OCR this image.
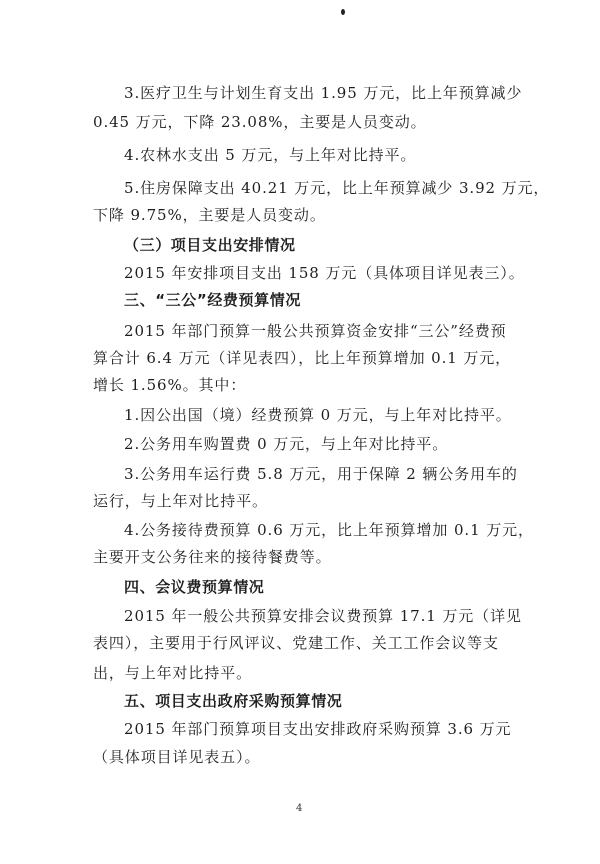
3.医疗卫生与计划生育支出 1.95 万元，比上年预算减少
0.45 万元，下降 23.08%，主要是人员变动。
4.农林水支出 5 万元，与上年对比持平。
5.住房保障支出 40.21 万元，比上年预算减少 3.92 万元，
下降 9.75%，主要是人员变动。
（三）项目支出安排情况
2015 年安排项目支出 158 万元（具体项目详见表三）。
三、“三公”经费预算情况
2015 年部门预算一般公共预算资金安排“三公”经费预
算合计 6.4 万元（详见表四），比上年预算增加 0.1 万元，
增长 1.56%。其中：
1.因公出国（境）经费预算 0 万元，与上年对比持平。
2.公务用车购置费 0 万元，与上年对比持平。
3.公务用车运行费 5.8 万元，用于保障 2 辆公务用车的
运行，与上年对比持平。
4.公务接待费预算 0.6 万元，比上年预算增加 0.1 万元，
主要开支公务往来的接待餐费等。
四、会议费预算情况
2015 年一般公共预算安排会议费预算 17.1 万元（详见
表四），主要用于行风评议、党建工作、关工工作会议等支
出，与上年对比持平。
五、项目支出政府采购预算情况
2015 年部门预算项目支出安排政府采购预算 3.6 万元
（具体项目详见表五）。
4
